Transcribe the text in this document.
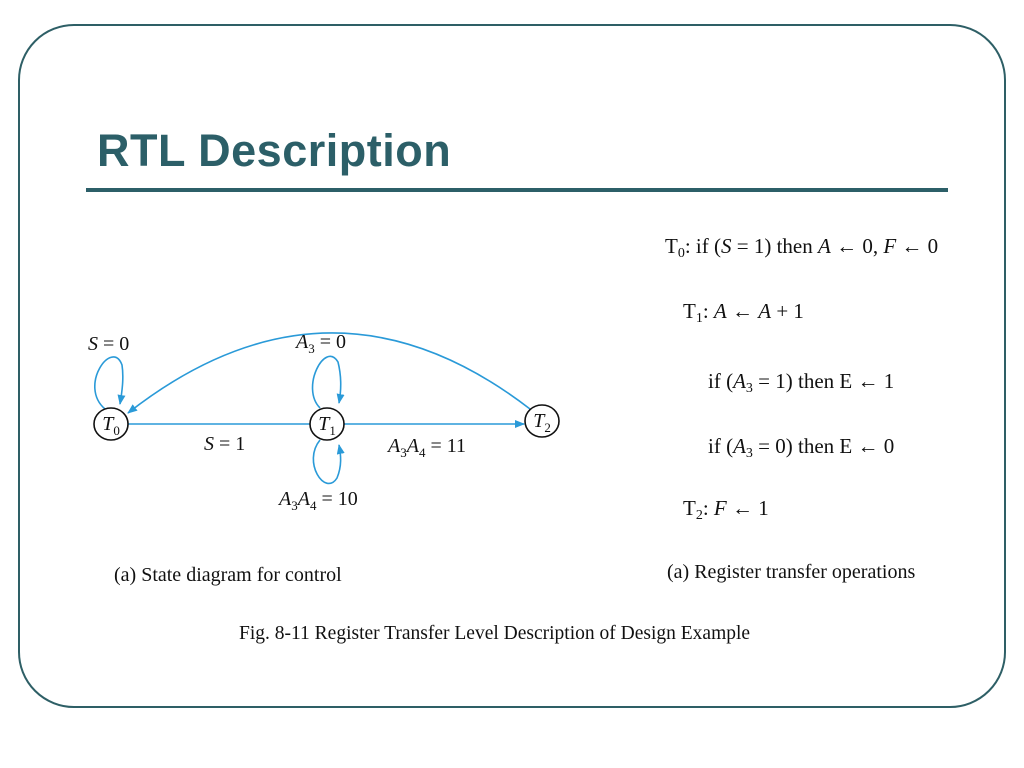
RTL Description
$T_0$	$T_1$	$T_2$
S = 0
S = 1
$A_3 = 0$
$A_3A_4 = 11$
$A_3A_4 = 10$
(a) State diagram for control
$T_0$: if (S = 1) then A ← 0, F ← 0
$T_1$: A ← A + 1
if $(A_3 = 1)$ then E ← 1
if $(A_3 = 0)$ then E ← 0
$T_2$: F ← 1
(a) Register transfer operations
Fig. 8-11 Register Transfer Level Description of Design Example
